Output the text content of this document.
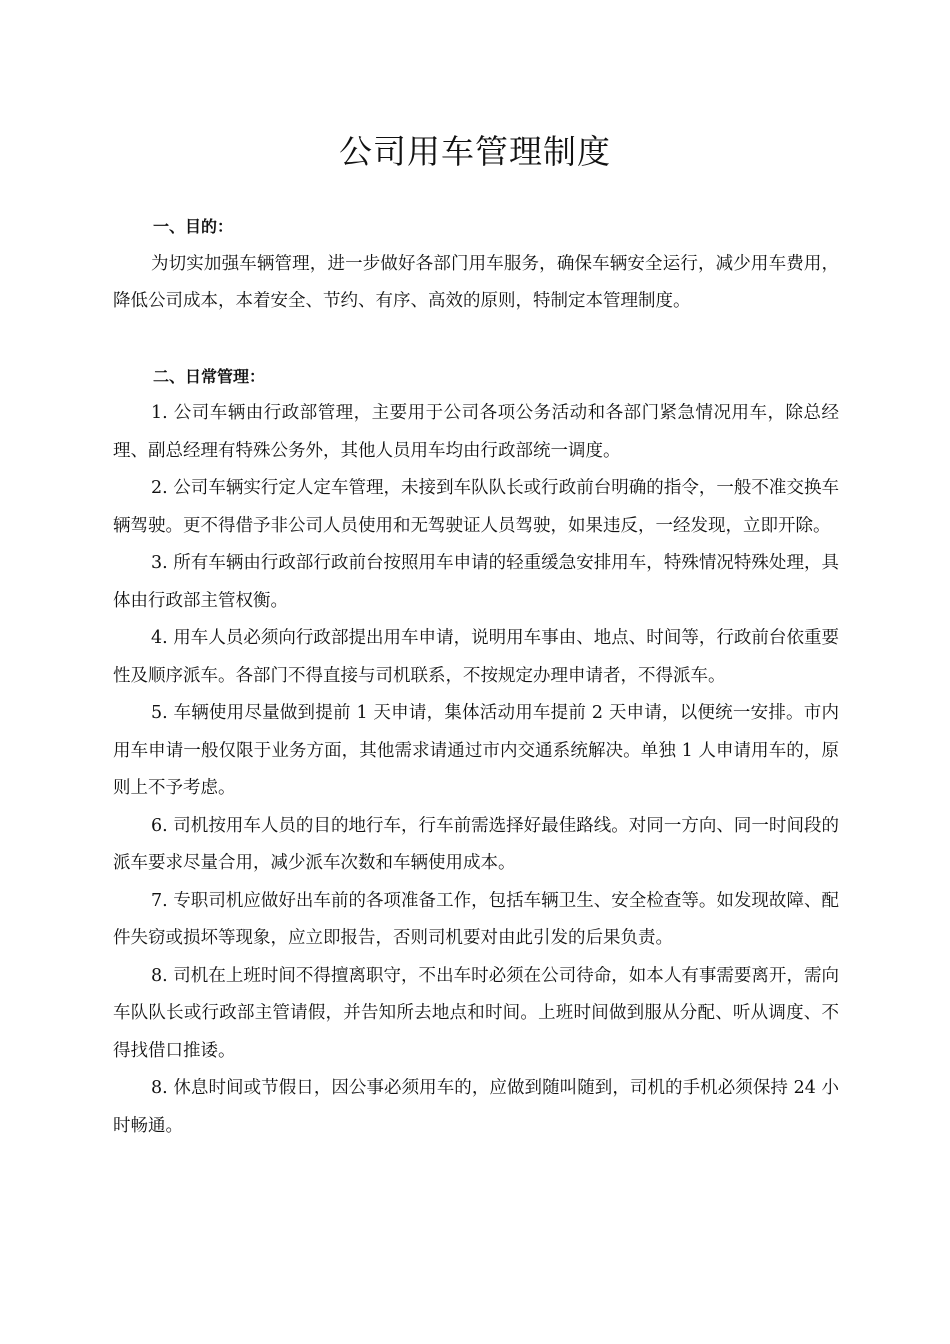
公司用车管理制度

一、目的：

为切实加强车辆管理，进一步做好各部门用车服务，确保车辆安全运行，减少用车费用，降低公司成本，本着安全、节约、有序、高效的原则，特制定本管理制度。

二、日常管理：

1. 公司车辆由行政部管理，主要用于公司各项公务活动和各部门紧急情况用车，除总经理、副总经理有特殊公务外，其他人员用车均由行政部统一调度。

2. 公司车辆实行定人定车管理，未接到车队队长或行政前台明确的指令，一般不准交换车辆驾驶。更不得借予非公司人员使用和无驾驶证人员驾驶，如果违反，一经发现，立即开除。

3. 所有车辆由行政部行政前台按照用车申请的轻重缓急安排用车，特殊情况特殊处理，具体由行政部主管权衡。

4. 用车人员必须向行政部提出用车申请，说明用车事由、地点、时间等，行政前台依重要性及顺序派车。各部门不得直接与司机联系，不按规定办理申请者，不得派车。

5. 车辆使用尽量做到提前 1 天申请，集体活动用车提前 2 天申请，以便统一安排。市内用车申请一般仅限于业务方面，其他需求请通过市内交通系统解决。单独 1 人申请用车的，原则上不予考虑。

6. 司机按用车人员的目的地行车，行车前需选择好最佳路线。对同一方向、同一时间段的派车要求尽量合用，减少派车次数和车辆使用成本。

7. 专职司机应做好出车前的各项准备工作，包括车辆卫生、安全检查等。如发现故障、配件失窃或损坏等现象，应立即报告，否则司机要对由此引发的后果负责。

8. 司机在上班时间不得擅离职守，不出车时必须在公司待命，如本人有事需要离开，需向车队队长或行政部主管请假，并告知所去地点和时间。上班时间做到服从分配、听从调度、不得找借口推诿。

8. 休息时间或节假日，因公事必须用车的，应做到随叫随到，司机的手机必须保持 24 小时畅通。
